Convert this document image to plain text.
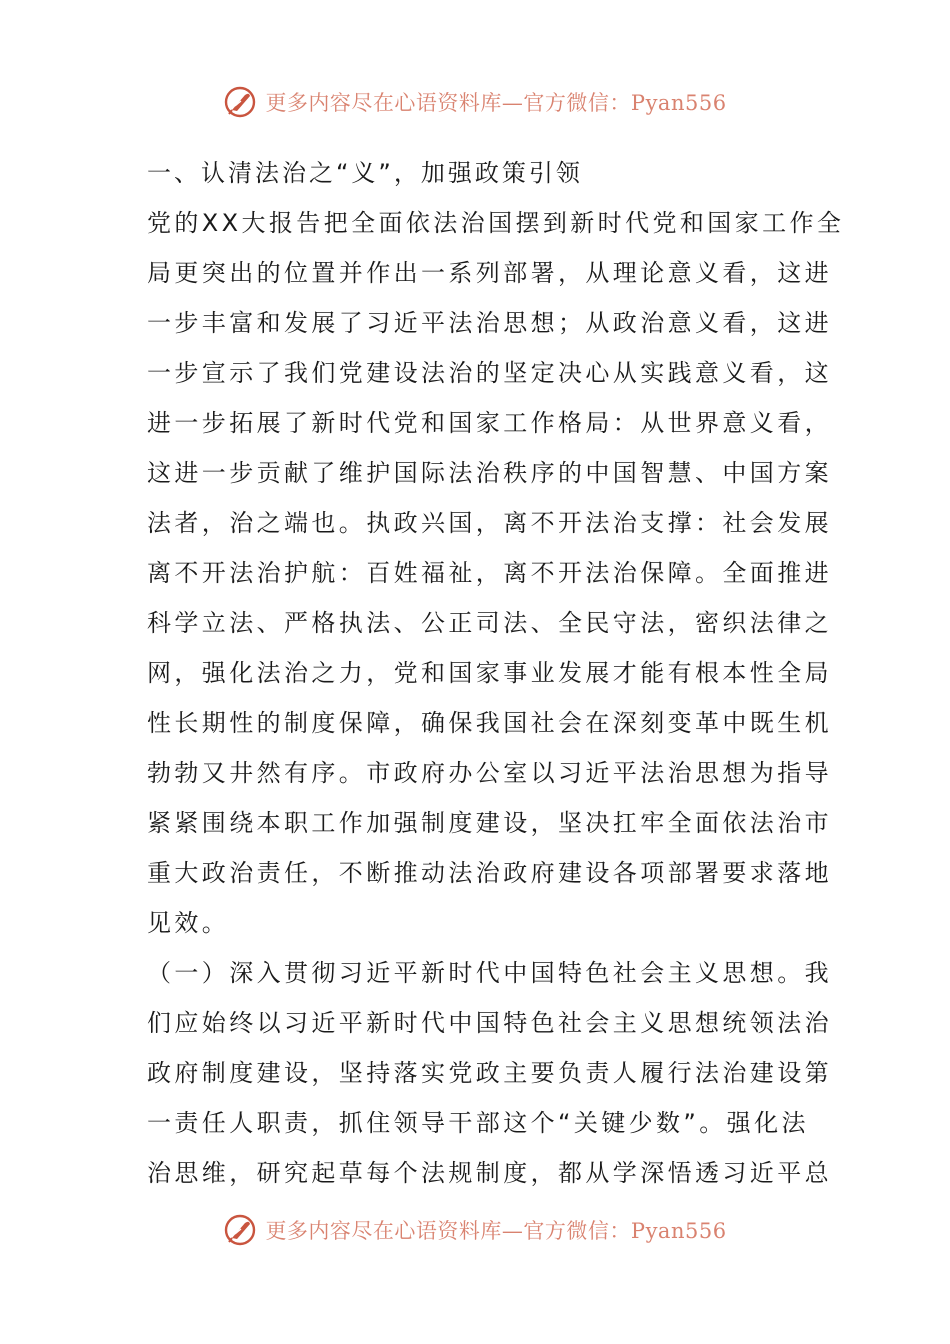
更多内容尽在心语资料库—官方微信：Pyan556
一、认清法治之“义”，加强政策引领
党的XX大报告把全面依法治国摆到新时代党和国家工作全
局更突出的位置并作出一系列部署，从理论意义看，这进
一步丰富和发展了习近平法治思想；从政治意义看，这进
一步宣示了我们党建设法治的坚定决心从实践意义看，这
进一步拓展了新时代党和国家工作格局：从世界意义看，
这进一步贡献了维护国际法治秩序的中国智慧、中国方案
法者，治之端也。执政兴国，离不开法治支撑：社会发展
离不开法治护航：百姓福祉，离不开法治保障。全面推进
科学立法、严格执法、公正司法、全民守法，密织法律之
网，强化法治之力，党和国家事业发展才能有根本性全局
性长期性的制度保障，确保我国社会在深刻变革中既生机
勃勃又井然有序。市政府办公室以习近平法治思想为指导
紧紧围绕本职工作加强制度建设，坚决扛牢全面依法治市
重大政治责任，不断推动法治政府建设各项部署要求落地
见效。
（一）深入贯彻习近平新时代中国特色社会主义思想。我
们应始终以习近平新时代中国特色社会主义思想统领法治
政府制度建设，坚持落实党政主要负责人履行法治建设第
一责任人职责，抓住领导干部这个“关键少数”。强化法
治思维，研究起草每个法规制度，都从学深悟透习近平总
更多内容尽在心语资料库—官方微信：Pyan556
